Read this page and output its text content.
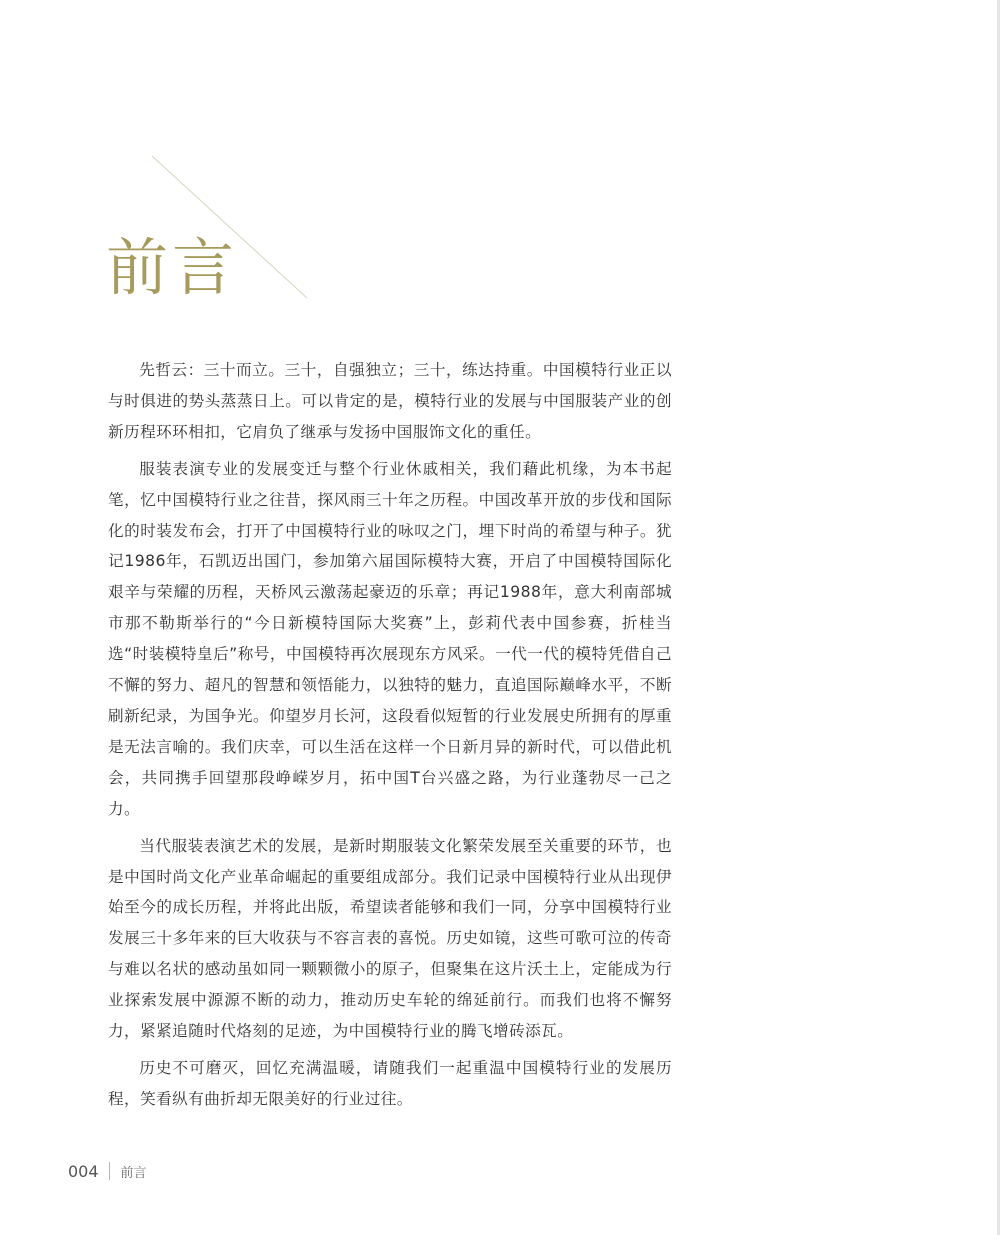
前言

先哲云：三十而立。三十，自强独立；三十，练达持重。中国模特行业正以与时俱进的势头蒸蒸日上。可以肯定的是，模特行业的发展与中国服装产业的创新历程环环相扣，它肩负了继承与发扬中国服饰文化的重任。

服装表演专业的发展变迁与整个行业休戚相关，我们藉此机缘，为本书起笔，忆中国模特行业之往昔，探风雨三十年之历程。中国改革开放的步伐和国际化的时装发布会，打开了中国模特行业的咏叹之门，埋下时尚的希望与种子。犹记1986年，石凯迈出国门，参加第六届国际模特大赛，开启了中国模特国际化艰辛与荣耀的历程，天桥风云激荡起豪迈的乐章；再记1988年，意大利南部城市那不勒斯举行的“今日新模特国际大奖赛”上，彭莉代表中国参赛，折桂当选“时装模特皇后”称号，中国模特再次展现东方风采。一代一代的模特凭借自己不懈的努力、超凡的智慧和领悟能力，以独特的魅力，直追国际巅峰水平，不断刷新纪录，为国争光。仰望岁月长河，这段看似短暂的行业发展史所拥有的厚重是无法言喻的。我们庆幸，可以生活在这样一个日新月异的新时代，可以借此机会，共同携手回望那段峥嵘岁月，拓中国T台兴盛之路，为行业蓬勃尽一己之力。

当代服装表演艺术的发展，是新时期服装文化繁荣发展至关重要的环节，也是中国时尚文化产业革命崛起的重要组成部分。我们记录中国模特行业从出现伊始至今的成长历程，并将此出版，希望读者能够和我们一同，分享中国模特行业发展三十多年来的巨大收获与不容言表的喜悦。历史如镜，这些可歌可泣的传奇与难以名状的感动虽如同一颗颗微小的原子，但聚集在这片沃土上，定能成为行业探索发展中源源不断的动力，推动历史车轮的绵延前行。而我们也将不懈努力，紧紧追随时代烙刻的足迹，为中国模特行业的腾飞增砖添瓦。

历史不可磨灭，回忆充满温暖，请随我们一起重温中国模特行业的发展历程，笑看纵有曲折却无限美好的行业过往。

004 前言
